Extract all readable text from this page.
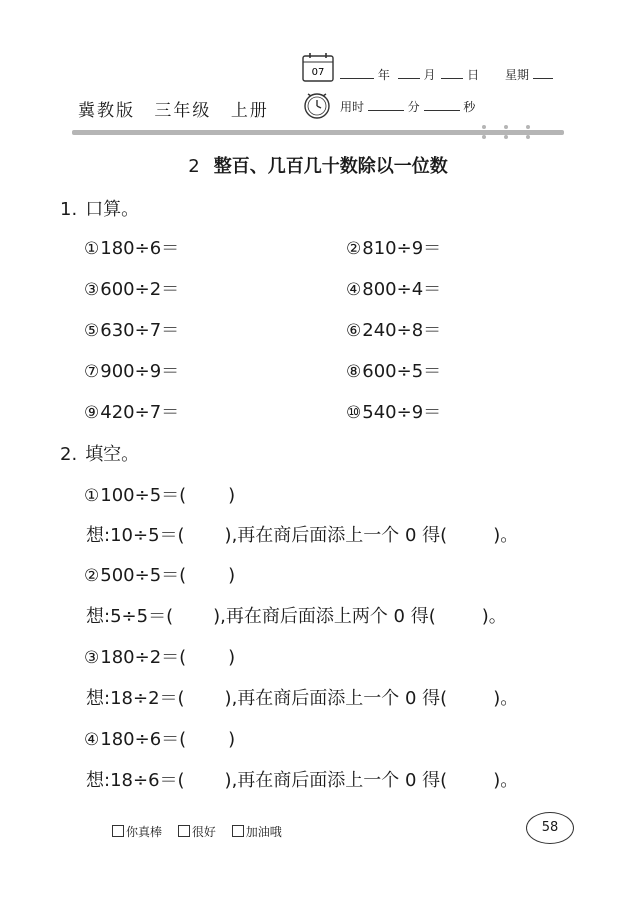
冀教版 三年级 上册
07	年	月	日 星期
用时	分	秒
2 整百、几百几十数除以一位数
1. 口算。
①180÷6＝	②810÷9＝
③600÷2＝	④800÷4＝
⑤630÷7＝	⑥240÷8＝
⑦900÷9＝	⑧600÷5＝
⑨420÷7＝	⑩540÷9＝
2. 填空。
①100÷5＝( )
想:10÷5＝( ),再在商后面添上一个 0 得(	)。
②500÷5＝( )
想:5÷5＝( ),再在商后面添上两个 0 得(	)。
③180÷2＝( )
想:18÷2＝( ),再在商后面添上一个 0 得(	)。
④180÷6＝( )
想:18÷6＝( ),再在商后面添上一个 0 得(	)。
你真棒 很好 加油哦	58
